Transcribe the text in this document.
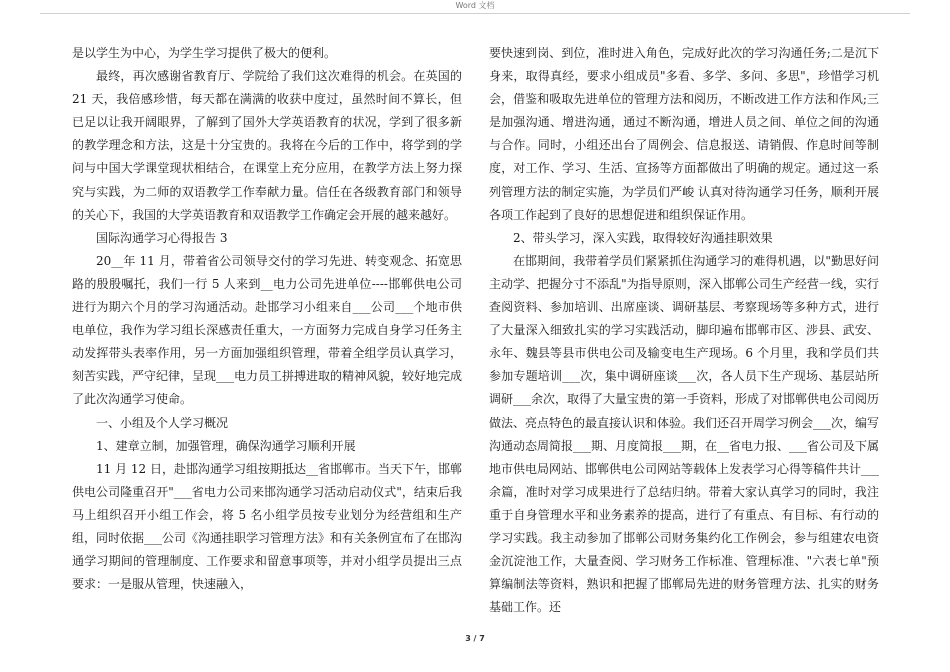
Word 文档

是以学生为中心，为学生学习提供了极大的便利。

最终，再次感谢省教育厅、学院给了我们这次难得的机会。在英国的 21 天，我倍感珍惜，每天都在满满的收获中度过，虽然时间不算长，但已足以让我开阔眼界，了解到了国外大学英语教育的状况，学到了很多新的教学理念和方法，这是十分宝贵的。我将在今后的工作中，将学到的学问与中国大学课堂现状相结合，在课堂上充分应用，在教学方法上努力探究与实践，为二师的双语教学工作奉献力量。信任在各级教育部门和领导的关心下，我国的大学英语教育和双语教学工作确定会开展的越来越好。

国际沟通学习心得报告 3

20__年 11 月，带着省公司领导交付的学习先进、转变观念、拓宽思路的殷殷嘱托，我们一行 5 人来到__电力公司先进单位----邯郸供电公司进行为期六个月的学习沟通活动。赴邯学习小组来自___公司___个地市供电单位，我作为学习组长深感责任重大，一方面努力完成自身学习任务主动发挥带头表率作用，另一方面加强组织管理，带着全组学员认真学习，刻苦实践，严守纪律，呈现___电力员工拼搏进取的精神风貌，较好地完成了此次沟通学习使命。

一、小组及个人学习概况

1、建章立制，加强管理，确保沟通学习顺利开展

11 月 12 日，赴邯沟通学习组按期抵达__省邯郸市。当天下午，邯郸供电公司隆重召开"___省电力公司来邯沟通学习活动启动仪式"，结束后我马上组织召开小组工作会，将 5 名小组学员按专业划分为经营组和生产组，同时依据___公司《沟通挂职学习管理方法》和有关条例宣布了在邯沟通学习期间的管理制度、工作要求和留意事项等，并对小组学员提出三点要求：一是服从管理，快速融入，

要快速到岗、到位，准时进入角色，完成好此次的学习沟通任务;二是沉下身来，取得真经，要求小组成员"多看、多学、多问、多思"，珍惜学习机会，借鉴和吸取先进单位的管理方法和阅历，不断改进工作方法和作风;三是加强沟通、增进沟通，通过不断沟通，增进人员之间、单位之间的沟通与合作。同时，小组还出台了周例会、信息报送、请销假、作息时间等制度，对工作、学习、生活、宣扬等方面都做出了明确的规定。通过这一系列管理方法的制定实施，为学员们严峻 认真对待沟通学习任务，顺利开展各项工作起到了良好的思想促进和组织保证作用。

2、带头学习，深入实践，取得较好沟通挂职效果

在邯期间，我带着学员们紧紧抓住沟通学习的难得机遇，以"勤思好问主动学、把握分寸不添乱"为指导原则，深入邯郸公司生产经营一线，实行查阅资料、参加培训、出席座谈、调研基层、考察现场等多种方式，进行了大量深入细致扎实的学习实践活动，脚印遍布邯郸市区、涉县、武安、永年、魏县等县市供电公司及输变电生产现场。6 个月里，我和学员们共参加专题培训___次，集中调研座谈___次，各人员下生产现场、基层站所调研___余次，取得了大量宝贵的第一手资料，形成了对邯郸供电公司阅历做法、亮点特色的最直接认识和体验。我们还召开周学习例会___次，编写沟通动态周简报___期、月度简报___期，在__省电力报、___省公司及下属地市供电局网站、邯郸供电公司网站等载体上发表学习心得等稿件共计___余篇，准时对学习成果进行了总结归纳。带着大家认真学习的同时，我注重于自身管理水平和业务素养的提高，进行了有重点、有目标、有行动的学习实践。我主动参加了邯郸公司财务集约化工作例会，参与组建农电资金沉淀池工作，大量查阅、学习财务工作标准、管理标准、"六表七单"预算编制法等资料，熟识和把握了邯郸局先进的财务管理方法、扎实的财务基础工作。还

3 / 7
